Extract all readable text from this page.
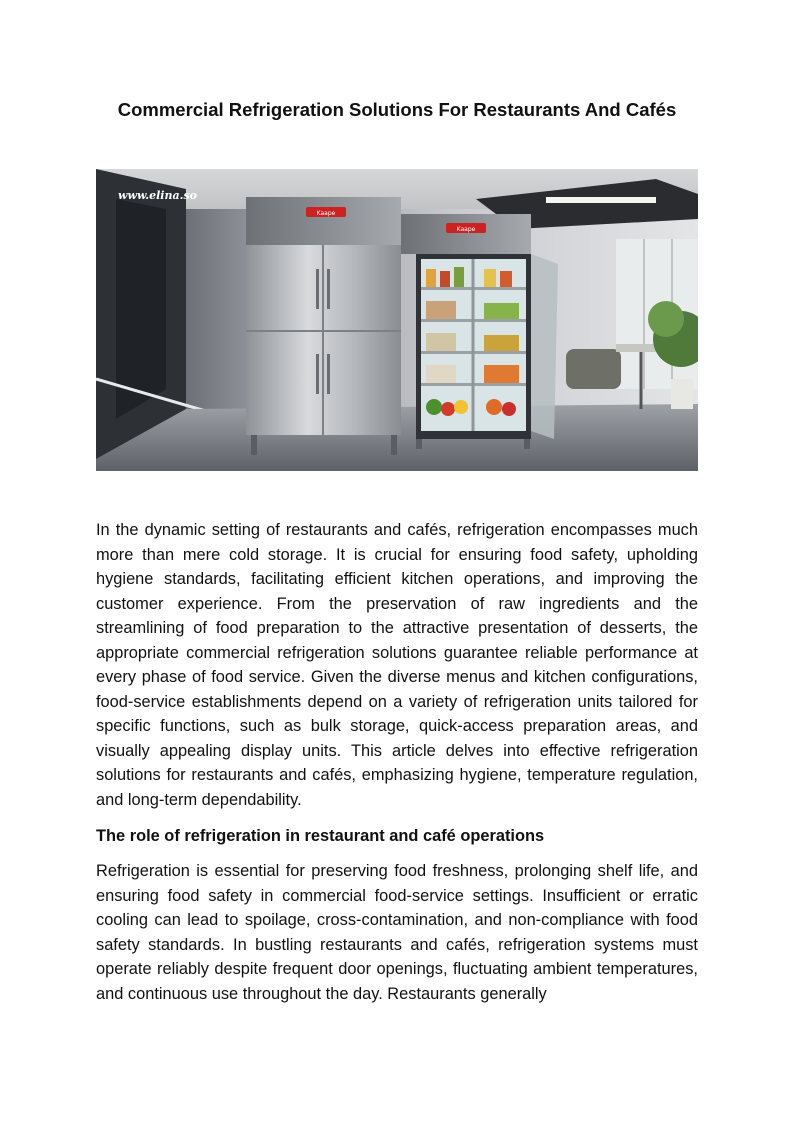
Commercial Refrigeration Solutions For Restaurants And Cafés
Kaape
Kaape
www.elina.so

In the dynamic setting of restaurants and cafés, refrigeration encompasses much more than mere cold storage. It is crucial for ensuring food safety, upholding hygiene standards, facilitating efficient kitchen operations, and improving the customer experience. From the preservation of raw ingredients and the streamlining of food preparation to the attractive presentation of desserts, the appropriate commercial refrigeration solutions guarantee reliable performance at every phase of food service. Given the diverse menus and kitchen configurations, food-service establishments depend on a variety of refrigeration units tailored for specific functions, such as bulk storage, quick-access preparation areas, and visually appealing display units. This article delves into effective refrigeration solutions for restaurants and cafés, emphasizing hygiene, temperature regulation, and long-term dependability.

The role of refrigeration in restaurant and café operations

Refrigeration is essential for preserving food freshness, prolonging shelf life, and ensuring food safety in commercial food-service settings. Insufficient or erratic cooling can lead to spoilage, cross-contamination, and non-compliance with food safety standards. In bustling restaurants and cafés, refrigeration systems must operate reliably despite frequent door openings, fluctuating ambient temperatures, and continuous use throughout the day. Restaurants generally
